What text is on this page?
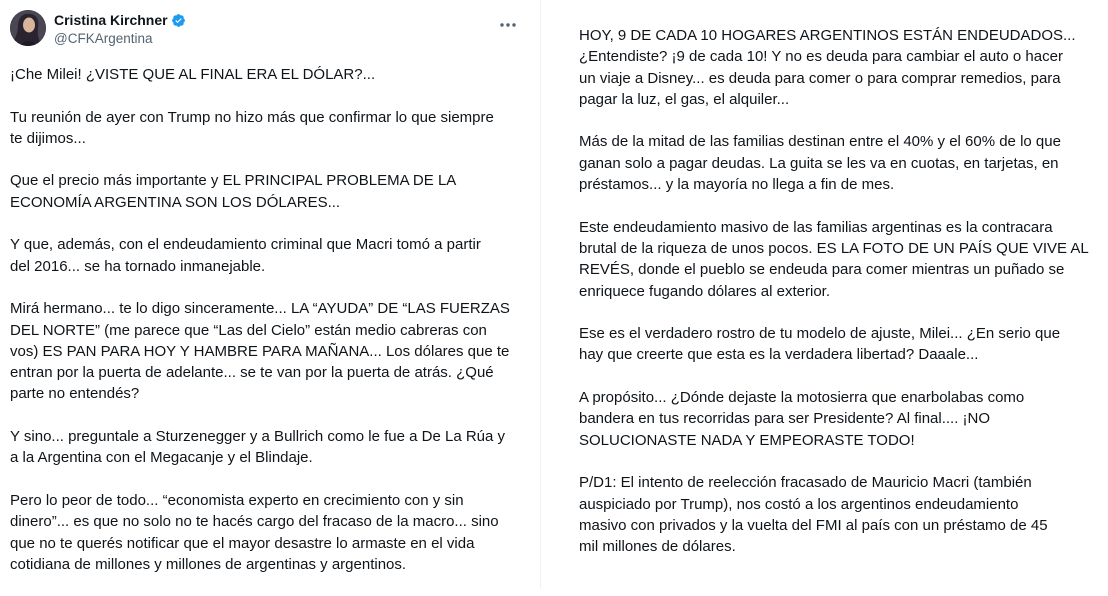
Cristina Kirchner
@CFKArgentina

¡Che Milei! ¿VISTE QUE AL FINAL ERA EL DÓLAR?...

Tu reunión de ayer con Trump no hizo más que confirmar lo que siempre
te dijimos...

Que el precio más importante y EL PRINCIPAL PROBLEMA DE LA
ECONOMÍA ARGENTINA SON LOS DÓLARES...

Y que, además, con el endeudamiento criminal que Macri tomó a partir
del 2016... se ha tornado inmanejable.

Mirá hermano... te lo digo sinceramente... LA “AYUDA” DE “LAS FUERZAS
DEL NORTE” (me parece que “Las del Cielo” están medio cabreras con
vos) ES PAN PARA HOY Y HAMBRE PARA MAÑANA... Los dólares que te
entran por la puerta de adelante... se te van por la puerta de atrás. ¿Qué
parte no entendés?

Y sino... preguntale a Sturzenegger y a Bullrich como le fue a De La Rúa y
a la Argentina con el Megacanje y el Blindaje.

Pero lo peor de todo... “economista experto en crecimiento con y sin
dinero”... es que no solo no te hacés cargo del fracaso de la macro... sino
que no te querés notificar que el mayor desastre lo armaste en el vida
cotidiana de millones y millones de argentinas y argentinos.

HOY, 9 DE CADA 10 HOGARES ARGENTINOS ESTÁN ENDEUDADOS...
¿Entendiste? ¡9 de cada 10! Y no es deuda para cambiar el auto o hacer
un viaje a Disney... es deuda para comer o para comprar remedios, para
pagar la luz, el gas, el alquiler...

Más de la mitad de las familias destinan entre el 40% y el 60% de lo que
ganan solo a pagar deudas. La guita se les va en cuotas, en tarjetas, en
préstamos... y la mayoría no llega a fin de mes.

Este endeudamiento masivo de las familias argentinas es la contracara
brutal de la riqueza de unos pocos. ES LA FOTO DE UN PAÍS QUE VIVE AL
REVÉS, donde el pueblo se endeuda para comer mientras un puñado se
enriquece fugando dólares al exterior.

Ese es el verdadero rostro de tu modelo de ajuste, Milei... ¿En serio que
hay que creerte que esta es la verdadera libertad? Daaale...

A propósito... ¿Dónde dejaste la motosierra que enarbolabas como
bandera en tus recorridas para ser Presidente? Al final.... ¡NO
SOLUCIONASTE NADA Y EMPEORASTE TODO!

P/D1: El intento de reelección fracasado de Mauricio Macri (también
auspiciado por Trump), nos costó a los argentinos endeudamiento
masivo con privados y la vuelta del FMI al país con un préstamo de 45
mil millones de dólares.
